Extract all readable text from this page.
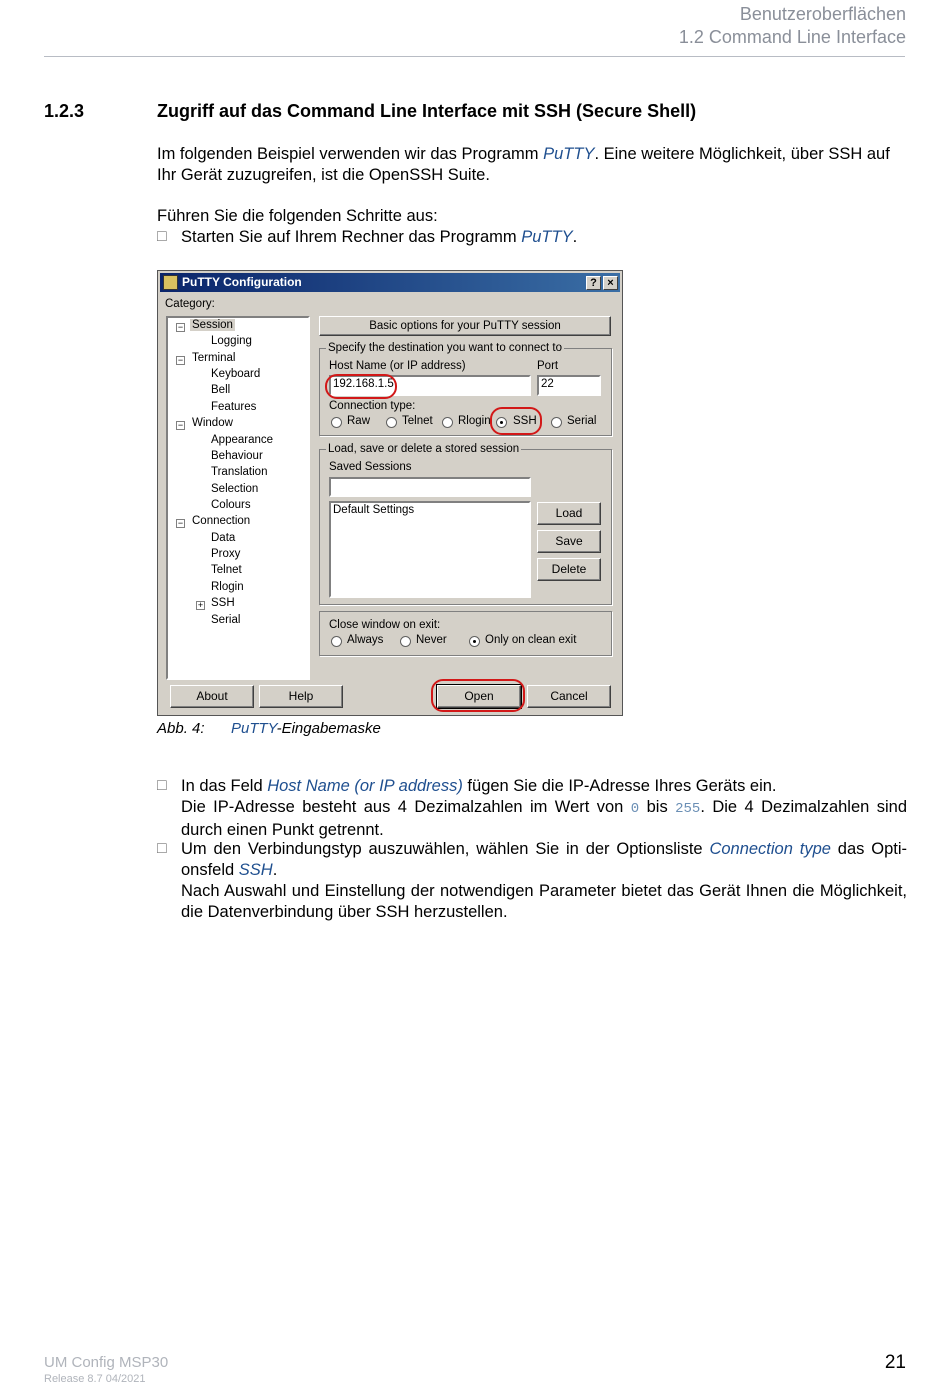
Benutzeroberflächen
1.2 Command Line Interface
1.2.3	Zugriff auf das Command Line Interface mit SSH (Secure Shell)
Im folgenden Beispiel verwenden wir das Programm PuTTY. Eine weitere Möglichkeit, über SSH auf Ihr Gerät zuzugreifen, ist die OpenSSH Suite.
Führen Sie die folgenden Schritte aus:
□ Starten Sie auf Ihrem Rechner das Programm PuTTY.
PuTTY Configuration	? ×
Category:
− Session
Logging
− Terminal
Keyboard
Bell
Features
− Window
Appearance
Behaviour
Translation
Selection
Colours
− Connection
Data
Proxy
Telnet
Rlogin
+ SSH
Serial
Basic options for your PuTTY session
Specify the destination you want to connect to
Host Name (or IP address)
192.168.1.5
Port
22
Connection type:
Raw	Telnet Rlogin SSH	Serial
Load, save or delete a stored session
Saved Sessions
Default Settings	Load
Save
Delete
Close window on exit:
Always	Never	Only on clean exit
About	Help	Open	Cancel
Abb. 4: PuTTY-Eingabemaske
□ In das Feld Host Name (or IP address) fügen Sie die IP-Adresse Ihres Geräts ein.
Die IP-Adresse besteht aus 4 Dezimalzahlen im Wert von 0 bis 255. Die 4 Dezimalzahlen sind durch einen Punkt getrennt.
□ Um den Verbindungstyp auszuwählen, wählen Sie in der Optionsliste Connection type das Optionsfeld SSH.
Nach Auswahl und Einstellung der notwendigen Parameter bietet das Gerät Ihnen die Möglichkeit, die Datenverbindung über SSH herzustellen.
UM Config MSP30
Release 8.7 04/2021
21
